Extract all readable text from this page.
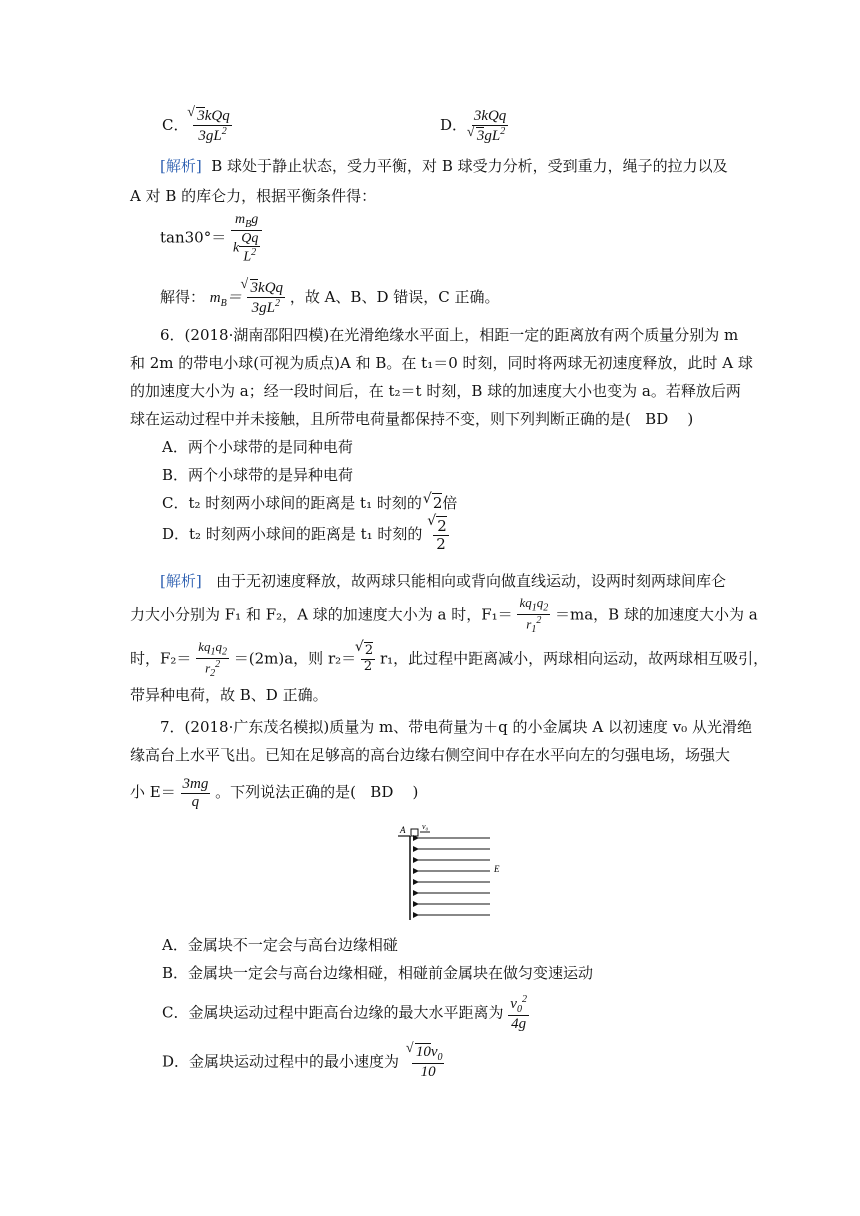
C． √ $\frac{\text{3kQq}}{3gL^2}$	D． 3kQq
√ $3gL^2$
[解析] B 球处于静止状态，受力平衡，对 B 球受力分析，受到重力，绳子的拉力以及
A 对 B 的库仑力，根据平衡条件得：
$\tan 30^\circ= \frac{m_Bg}{k \frac{Qq}{L^2}}$
解得： $m_B=$ √ $\frac{\text{3kQq}}{3gL^2}$ ，故 A、B、D 错误，C 正确。
6．(2018·湖南邵阳四模)在光滑绝缘水平面上，相距一定的距离放有两个质量分别为 m
和 2m 的带电小球(可视为质点)A 和 B。在 t₁＝0 时刻，同时将两球无初速度释放，此时 A 球
的加速度大小为 a；经一段时间后，在 t₂＝t 时刻，B 球的加速度大小也变为 a。若释放后两
球在运动过程中并未接触，且所带电荷量都保持不变，则下列判断正确的是( BD )
A．两个小球带的是同种电荷
B．两个小球带的是异种电荷
C．t₂ 时刻两小球间的距离是 t₁ 时刻的 √ 2倍
D．t₂ 时刻两小球间的距离是 t₁ 时刻的 √ $\frac{2}{2}$
[解析] 由于无初速度释放，故两球只能相向或背向做直线运动，设两时刻两球间库仑
力大小分别为 F₁ 和 F₂，A 球的加速度大小为 a 时，$F_1= \frac{kq_1q_2}{r_1^2} =ma$，B 球的加速度大小为 a
时，$F_2= \frac{kq_1q_2}{r_2^2} =(2m)a$，则 r₂＝ √ $\frac{2}{2} r_1$，此过程中距离减小，两球相向运动，故两球相互吸引，
带异种电荷，故 B、D 正确。
7．(2018·广东茂名模拟)质量为 m、带电荷量为＋q 的小金属块 A 以初速度 v₀ 从光滑绝
缘高台上水平飞出。已知在足够高的高台边缘右侧空间中存在水平向左的匀强电场，场强大
小 $E= \frac{3mg}{q}$ 。下列说法正确的是( BD )
A v₀
E
A．金属块不一定会与高台边缘相碰
B．金属块一定会与高台边缘相碰，相碰前金属块在做匀变速运动
C．金属块运动过程中距高台边缘的最大水平距离为 $\frac{v_0^2}{4g}$
D．金属块运动过程中的最小速度为 √ $\frac{10v_0}{10}$
